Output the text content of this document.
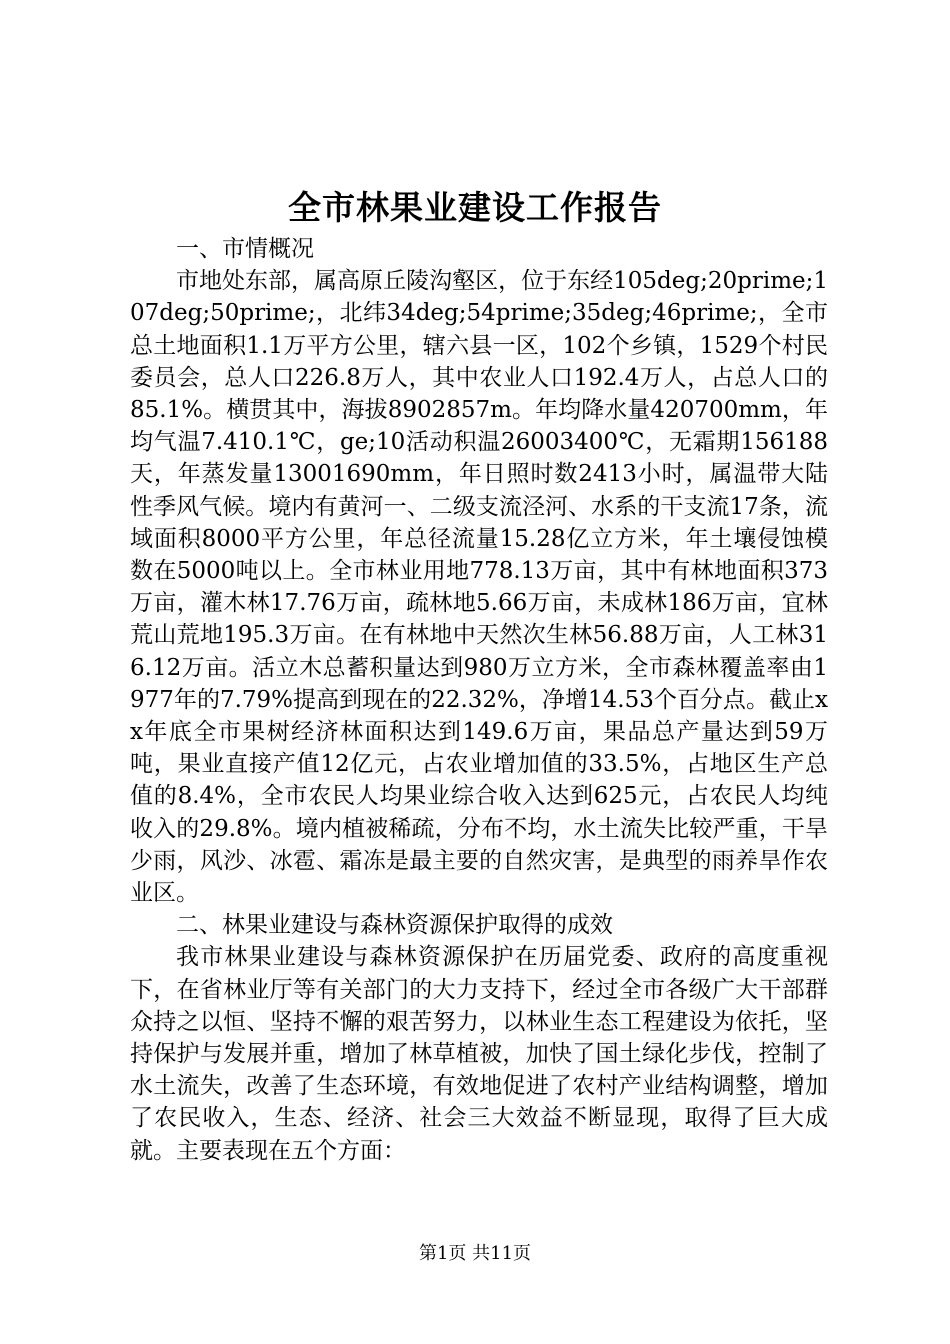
全市林果业建设工作报告

一、市情概况

市地处东部，属高原丘陵沟壑区，位于东经105deg;20prime;107deg;50prime;，北纬34deg;54prime;35deg;46prime;，全市总土地面积1.1万平方公里，辖六县一区，102个乡镇，1529个村民委员会，总人口226.8万人，其中农业人口192.4万人，占总人口的85.1%。横贯其中，海拔8902857m。年均降水量420700mm，年均气温7.410.1℃，ge;10活动积温26003400℃，无霜期156188天，年蒸发量13001690mm，年日照时数2413小时，属温带大陆性季风气候。境内有黄河一、二级支流泾河、水系的干支流17条，流域面积8000平方公里，年总径流量15.28亿立方米，年土壤侵蚀模数在5000吨以上。全市林业用地778.13万亩，其中有林地面积373万亩，灌木林17.76万亩，疏林地5.66万亩，未成林186万亩，宜林荒山荒地195.3万亩。在有林地中天然次生林56.88万亩，人工林316.12万亩。活立木总蓄积量达到980万立方米，全市森林覆盖率由1977年的7.79%提高到现在的22.32%，净增14.53个百分点。截止xx年底全市果树经济林面积达到149.6万亩，果品总产量达到59万吨，果业直接产值12亿元，占农业增加值的33.5%，占地区生产总值的8.4%，全市农民人均果业综合收入达到625元，占农民人均纯收入的29.8%。境内植被稀疏，分布不均，水土流失比较严重，干旱少雨，风沙、冰雹、霜冻是最主要的自然灾害，是典型的雨养旱作农业区。

二、林果业建设与森林资源保护取得的成效

我市林果业建设与森林资源保护在历届党委、政府的高度重视下，在省林业厅等有关部门的大力支持下，经过全市各级广大干部群众持之以恒、坚持不懈的艰苦努力，以林业生态工程建设为依托，坚持保护与发展并重，增加了林草植被，加快了国土绿化步伐，控制了水土流失，改善了生态环境，有效地促进了农村产业结构调整，增加了农民收入，生态、经济、社会三大效益不断显现，取得了巨大成就。主要表现在五个方面：

第1页 共11页
